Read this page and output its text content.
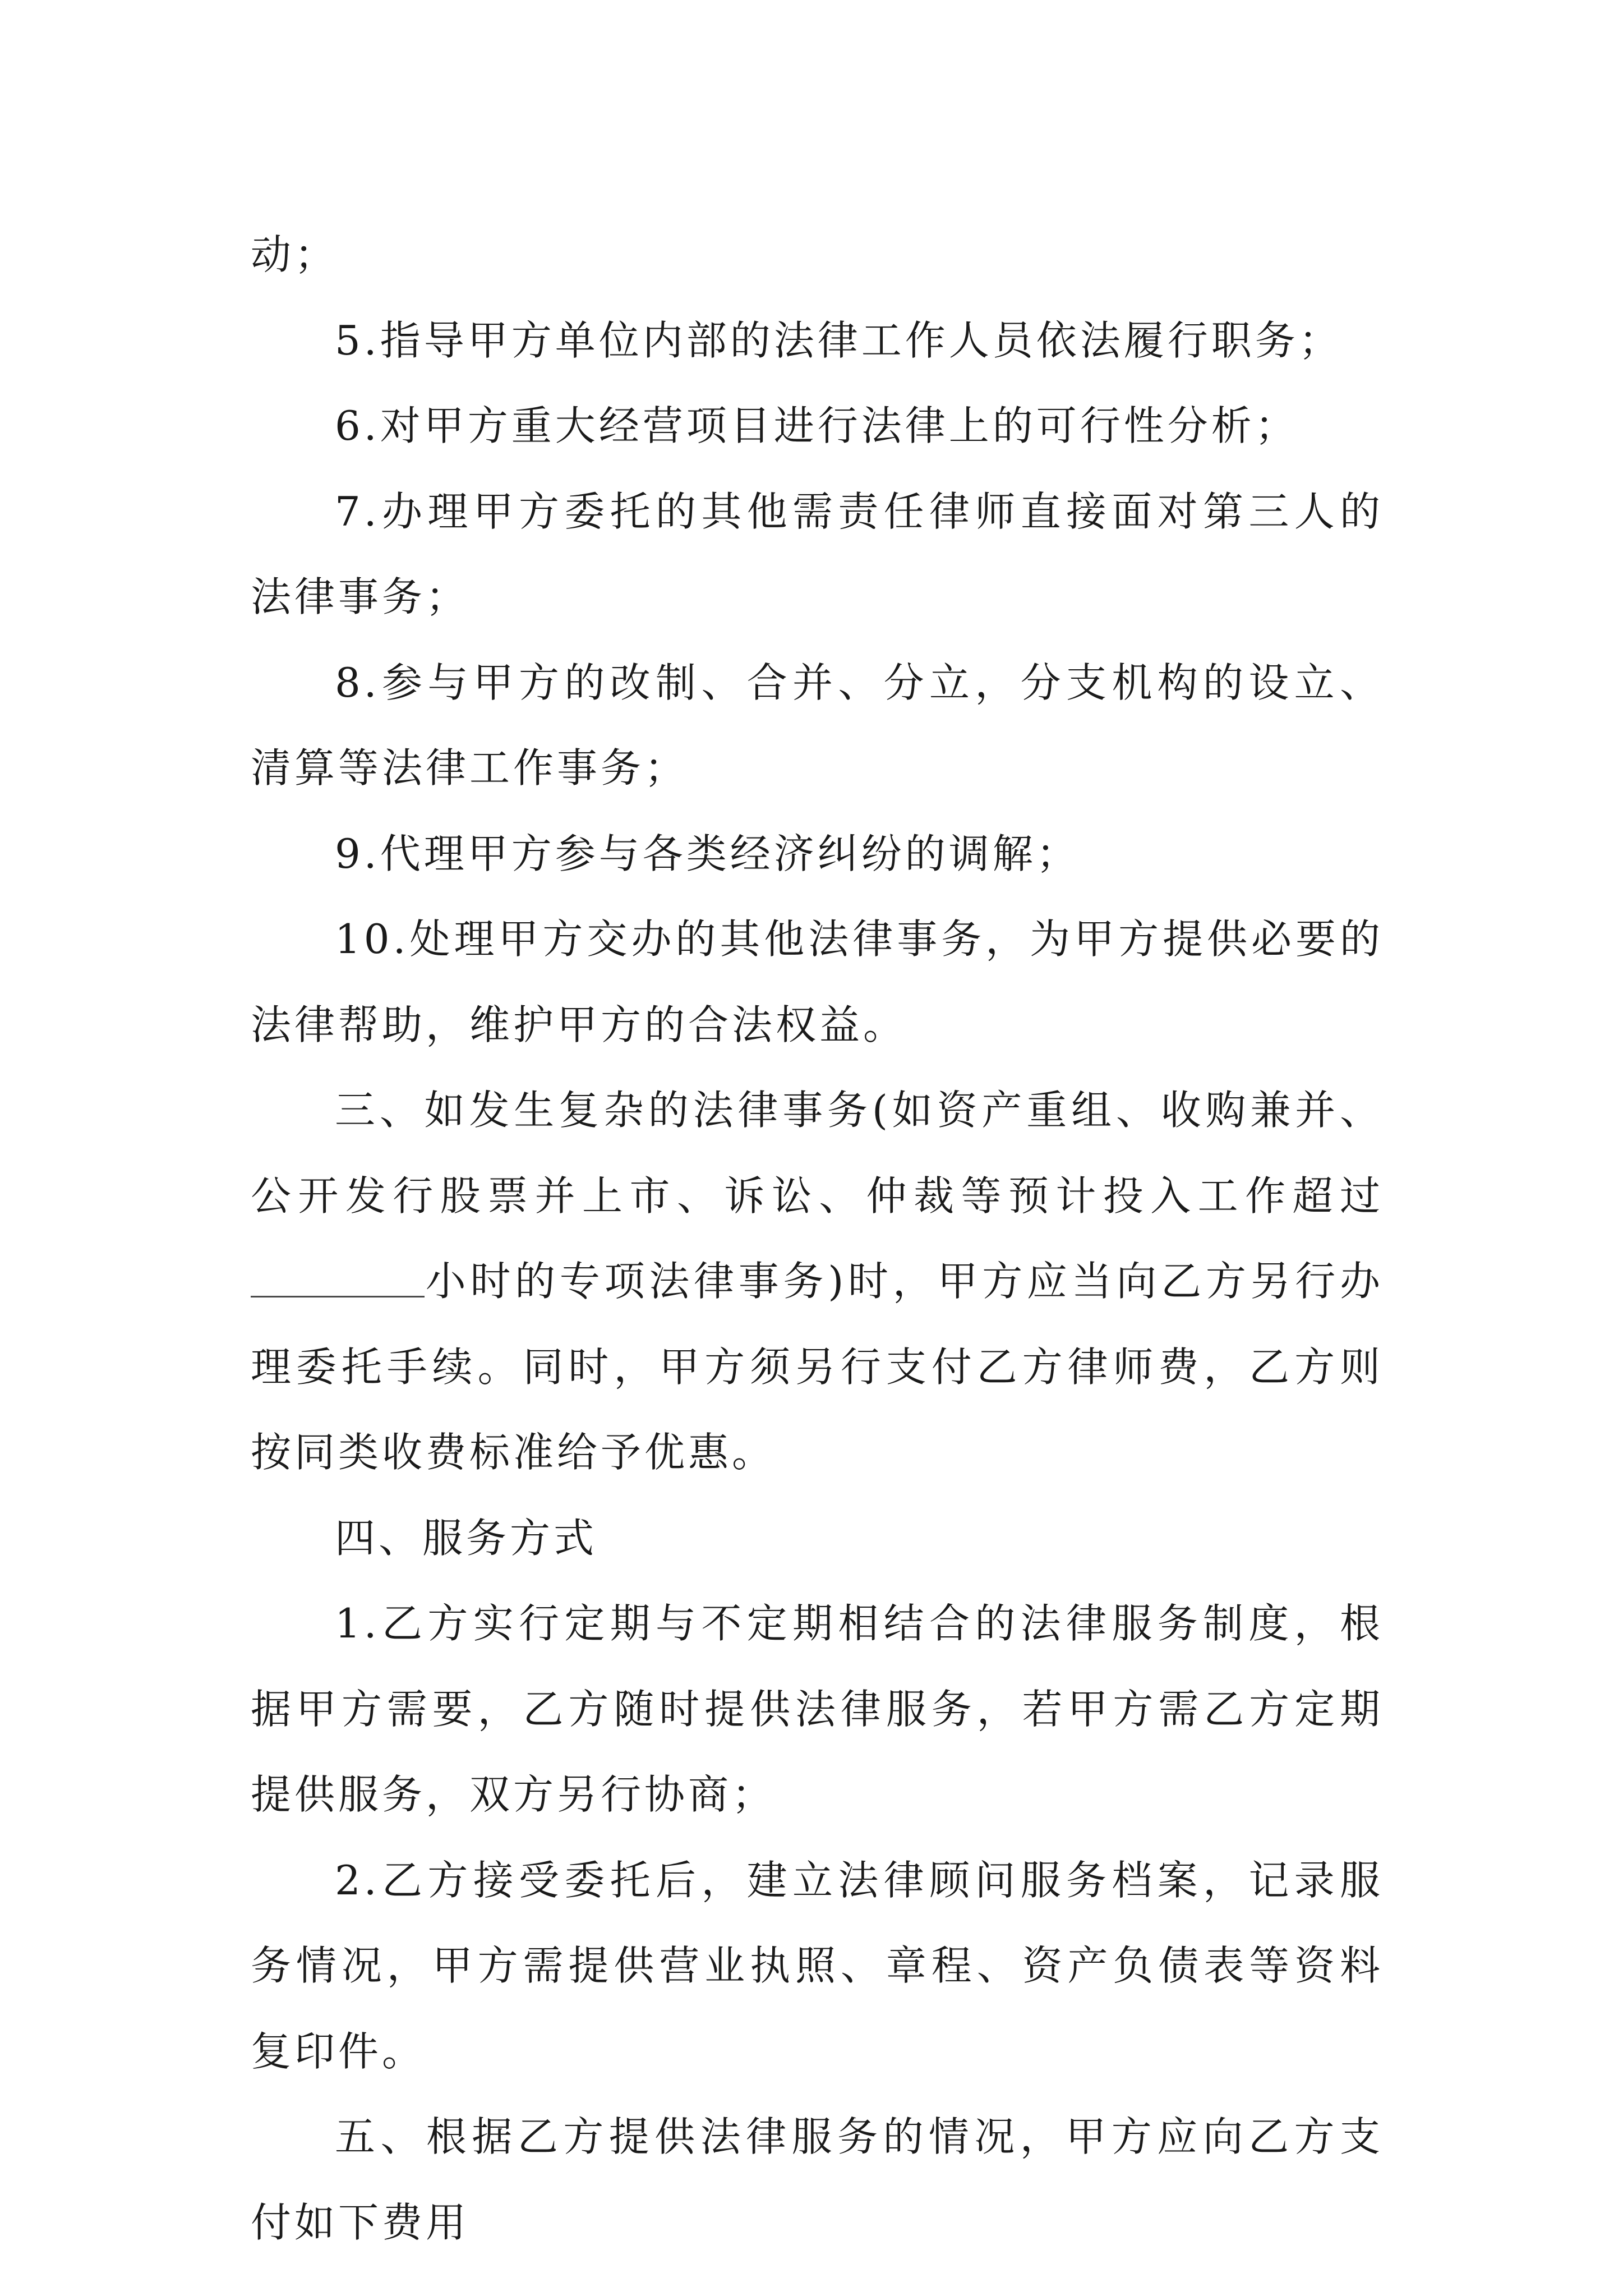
动；

5.指导甲方单位内部的法律工作人员依法履行职务；

6.对甲方重大经营项目进行法律上的可行性分析；

7.办理甲方委托的其他需责任律师直接面对第三人的法律事务；

8.参与甲方的改制、合并、分立，分支机构的设立、清算等法律工作事务；

9.代理甲方参与各类经济纠纷的调解；

10.处理甲方交办的其他法律事务，为甲方提供必要的法律帮助，维护甲方的合法权益。

三、如发生复杂的法律事务(如资产重组、收购兼并、公开发行股票并上市、诉讼、仲裁等预计投入工作超过小时的专项法律事务)时，甲方应当向乙方另行办理委托手续。同时，甲方须另行支付乙方律师费，乙方则按同类收费标准给予优惠。

四、服务方式

1.乙方实行定期与不定期相结合的法律服务制度，根据甲方需要，乙方随时提供法律服务，若甲方需乙方定期提供服务，双方另行协商；

2.乙方接受委托后，建立法律顾问服务档案，记录服务情况，甲方需提供营业执照、章程、资产负债表等资料复印件。

五、根据乙方提供法律服务的情况，甲方应向乙方支付如下费用
